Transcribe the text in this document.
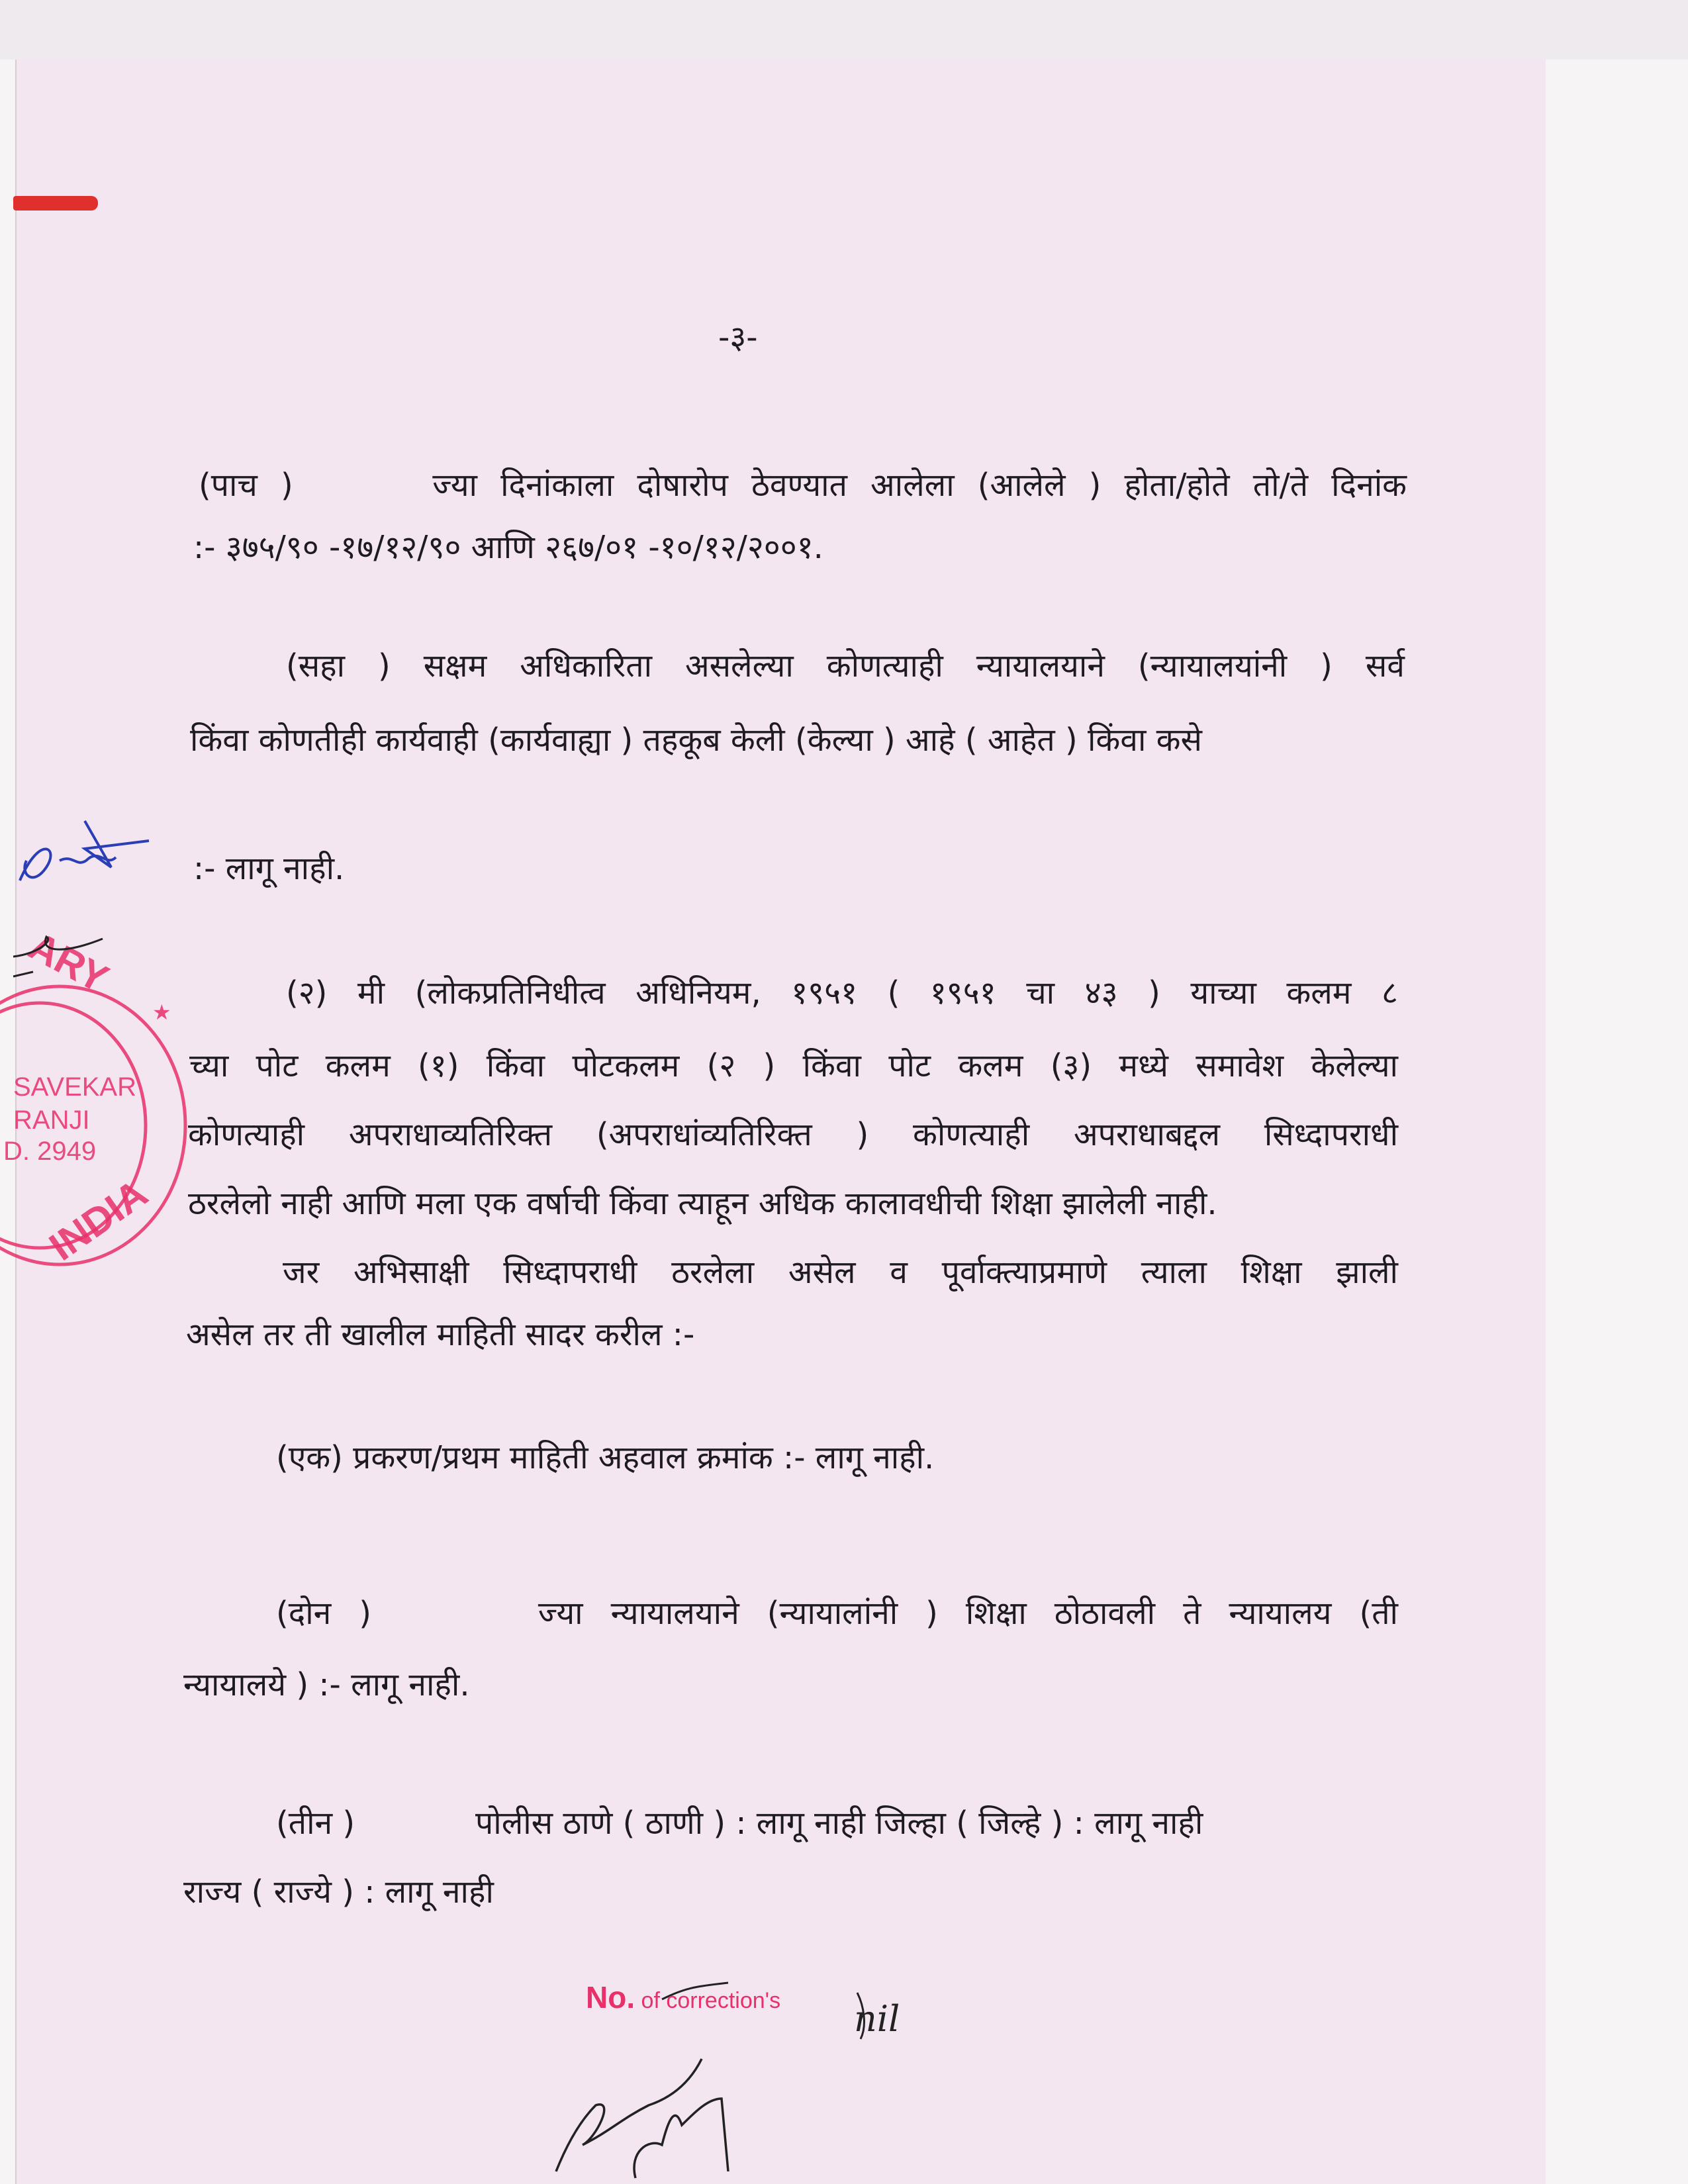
-३-
(पाच )	ज्या दिनांकाला दोषारोप ठेवण्यात आलेला (आलेले ) होता/होते तो/ते दिनांक
:- ३७५/९० -१७/१२/९० आणि २६७/०१ -१०/१२/२००१.
(सहा ) सक्षम अधिकारिता असलेल्या कोणत्याही न्यायालयाने (न्यायालयांनी ) सर्व
किंवा कोणतीही कार्यवाही (कार्यवाह्या ) तहकूब केली (केल्या ) आहे ( आहेत ) किंवा कसे
:- लागू नाही.
(२) मी (लोकप्रतिनिधीत्व अधिनियम, १९५१ ( १९५१ चा ४३ ) याच्या कलम ८
च्या पोट कलम (१) किंवा पोटकलम (२ ) किंवा पोट कलम (३) मध्ये समावेश केलेल्या
कोणत्याही अपराधाव्यतिरिक्त (अपराधांव्यतिरिक्त ) कोणत्याही अपराधाबद्दल सिध्दापराधी
ठरलेलो नाही आणि मला एक वर्षाची किंवा त्याहून अधिक कालावधीची शिक्षा झालेली नाही.
जर अभिसाक्षी सिध्दापराधी ठरलेला असेल व पूर्वाक्त्याप्रमाणे त्याला शिक्षा झाली
असेल तर ती खालील माहिती सादर करील :-
(एक) प्रकरण/प्रथम माहिती अहवाल क्रमांक :- लागू नाही.
(दोन )	ज्या न्यायालयाने (न्यायालांनी ) शिक्षा ठोठावली ते न्यायालय (ती
न्यायालये ) :- लागू नाही.
(तीन )	पोलीस ठाणे ( ठाणी ) : लागू नाही जिल्हा ( जिल्हे ) : लागू नाही
राज्य ( राज्ये ) : लागू नाही
ARY
SAVEKAR
RANJI
D. 2949
★
INDIA
nil
No. of correction's
